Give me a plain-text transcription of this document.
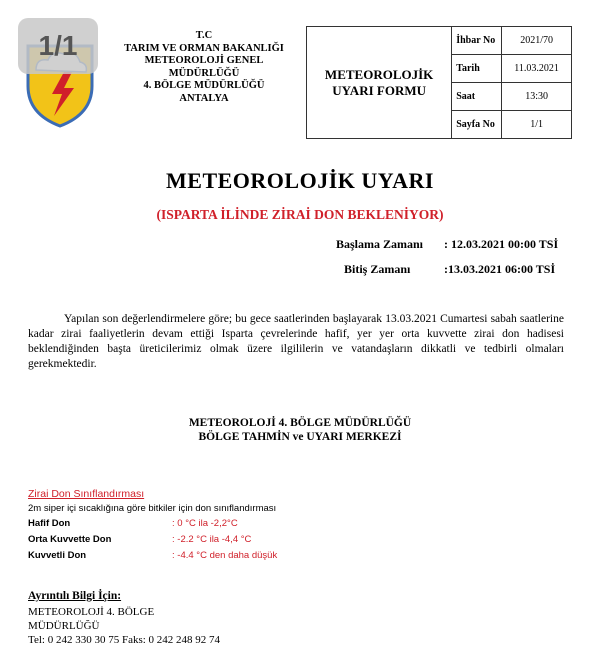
1/1	T.C
TARIM VE ORMAN BAKANLIĞI
METEOROLOJİ GENEL
MÜDÜRLÜĞÜ
4. BÖLGE MÜDÜRLÜĞÜ
ANTALYA
METEOROLOJİK
UYARI FORMU	İhbar No	2021/70
	Tarih	11.03.2021
	Saat	13:30
	Sayfa No	1/1
METEOROLOJİK UYARI
(ISPARTA İLİNDE ZİRAİ DON BEKLENİYOR)
Başlama Zamanı : 12.03.2021 00:00 TSİ
Bitiş Zamanı	:13.03.2021 06:00 TSİ
Yapılan son değerlendirmelere göre; bu gece saatlerinden başlayarak 13.03.2021 Cumartesi sabah saatlerine kadar zirai faaliyetlerin devam ettiği Isparta çevrelerinde hafif, yer yer orta kuvvette zirai don hadisesi beklendiğinden başta üreticilerimiz olmak üzere ilgililerin ve vatandaşların dikkatli ve tedbirli olmaları gerekmektedir.
METEOROLOJİ 4. BÖLGE MÜDÜRLÜĞÜ
BÖLGE TAHMİN ve UYARI MERKEZİ
Zirai Don Sınıflandırması
2m siper içi sıcaklığına göre bitkiler için don sınıflandırması
Hafif Don	: 0 °C ila -2,2°C
Orta Kuvvette Don	: -2.2 °C ila -4,4 °C
Kuvvetli Don	: -4.4 °C den daha düşük
Ayrıntılı Bilgi İçin:
METEOROLOJİ 4. BÖLGE
MÜDÜRLÜĞÜ
Tel: 0 242 330 30 75 Faks: 0 242 248 92 74
